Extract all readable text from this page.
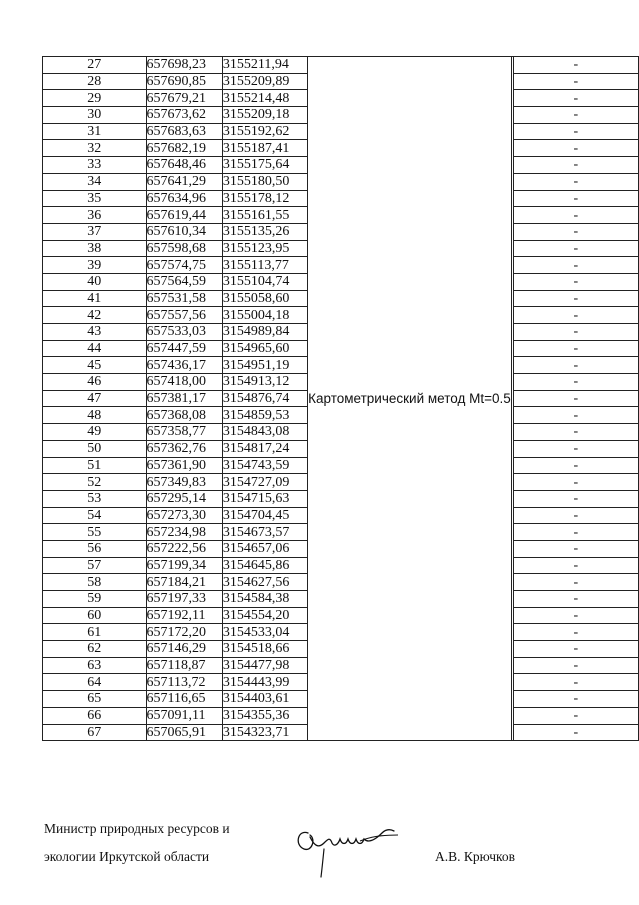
27	657698,23	3155211,94	Картометрический метод Mt=0.5		-
28	657690,85	3155209,89			-
29	657679,21	3155214,48			-
30	657673,62	3155209,18			-
31	657683,63	3155192,62			-
32	657682,19	3155187,41			-
33	657648,46	3155175,64			-
34	657641,29	3155180,50			-
35	657634,96	3155178,12			-
36	657619,44	3155161,55			-
37	657610,34	3155135,26			-
38	657598,68	3155123,95			-
39	657574,75	3155113,77			-
40	657564,59	3155104,74			-
41	657531,58	3155058,60			-
42	657557,56	3155004,18			-
43	657533,03	3154989,84			-
44	657447,59	3154965,60			-
45	657436,17	3154951,19			-
46	657418,00	3154913,12			-
47	657381,17	3154876,74			-
48	657368,08	3154859,53			-
49	657358,77	3154843,08			-
50	657362,76	3154817,24			-
51	657361,90	3154743,59			-
52	657349,83	3154727,09			-
53	657295,14	3154715,63			-
54	657273,30	3154704,45			-
55	657234,98	3154673,57			-
56	657222,56	3154657,06			-
57	657199,34	3154645,86			-
58	657184,21	3154627,56			-
59	657197,33	3154584,38			-
60	657192,11	3154554,20			-
61	657172,20	3154533,04			-
62	657146,29	3154518,66			-
63	657118,87	3154477,98			-
64	657113,72	3154443,99			-
65	657116,65	3154403,61			-
66	657091,11	3154355,36			-
67	657065,91	3154323,71			-
Министр природных ресурсов и
экологии Иркутской области	А.В. Крючков
